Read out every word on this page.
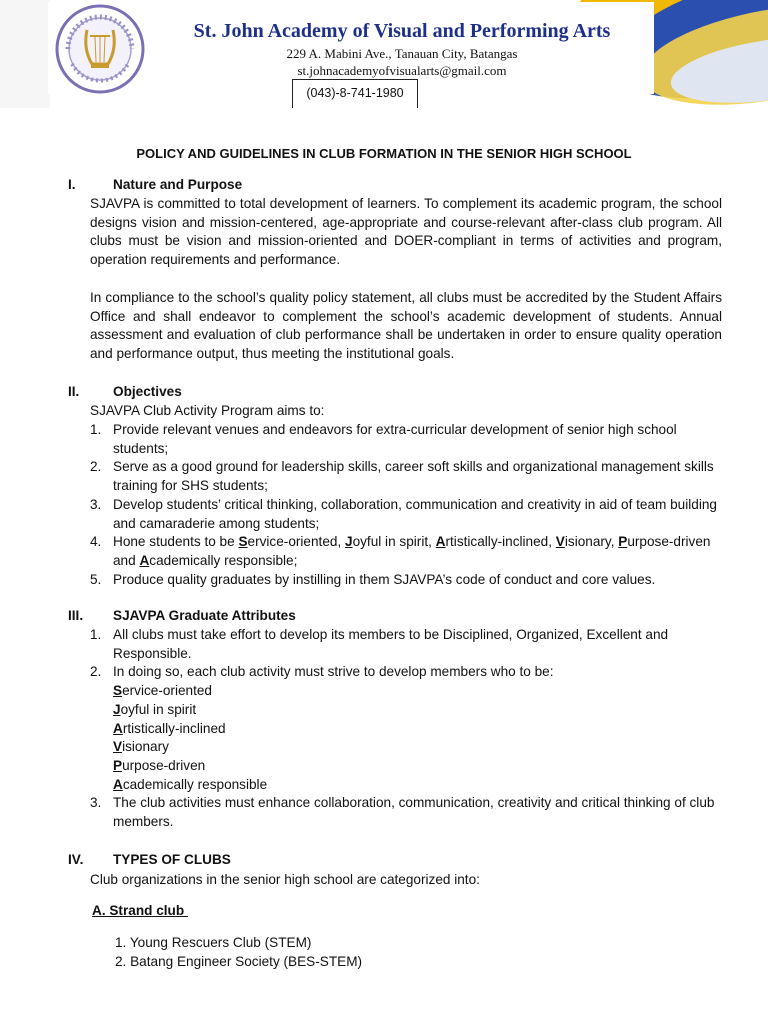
St. John Academy of Visual and Performing Arts
229 A. Mabini Ave., Tanauan City, Batangas
st.johnacademyofvisualarts@gmail.com
(043)-8-741-1980
POLICY AND GUIDELINES IN CLUB FORMATION IN THE SENIOR HIGH SCHOOL
I.	Nature and Purpose

SJAVPA is committed to total development of learners. To complement its academic program, the school designs vision and mission-centered, age-appropriate and course-relevant after-class club program. All clubs must be vision and mission-oriented and DOER-compliant in terms of activities and program, operation requirements and performance.

In compliance to the school’s quality policy statement, all clubs must be accredited by the Student Affairs Office and shall endeavor to complement the school’s academic development of students. Annual assessment and evaluation of club performance shall be undertaken in order to ensure quality operation and performance output, thus meeting the institutional goals.

II. Objectives

SJAVPA Club Activity Program aims to:

1. Provide relevant venues and endeavors for extra-curricular development of senior high school students;
2. Serve as a good ground for leadership skills, career soft skills and organizational management skills training for SHS students;
3. Develop students’ critical thinking, collaboration, communication and creativity in aid of team building and camaraderie among students;
4. Hone students to be Service-oriented, Joyful in spirit, Artistically-inclined, Visionary, Purpose-driven and Academically responsible;
5. Produce quality graduates by instilling in them SJAVPA’s code of conduct and core values.
III. SJAVPA Graduate Attributes
1. All clubs must take effort to develop its members to be Disciplined, Organized, Excellent and Responsible.
2. In doing so, each club activity must strive to develop members who to be:
Service-oriented
Joyful in spirit
Artistically-inclined
Visionary
Purpose-driven
Academically responsible
3. The club activities must enhance collaboration, communication, creativity and critical thinking of club members.
IV. TYPES OF CLUBS

Club organizations in the senior high school are categorized into:

A. Strand club
1. Young Rescuers Club (STEM)
2. Batang Engineer Society (BES-STEM)
